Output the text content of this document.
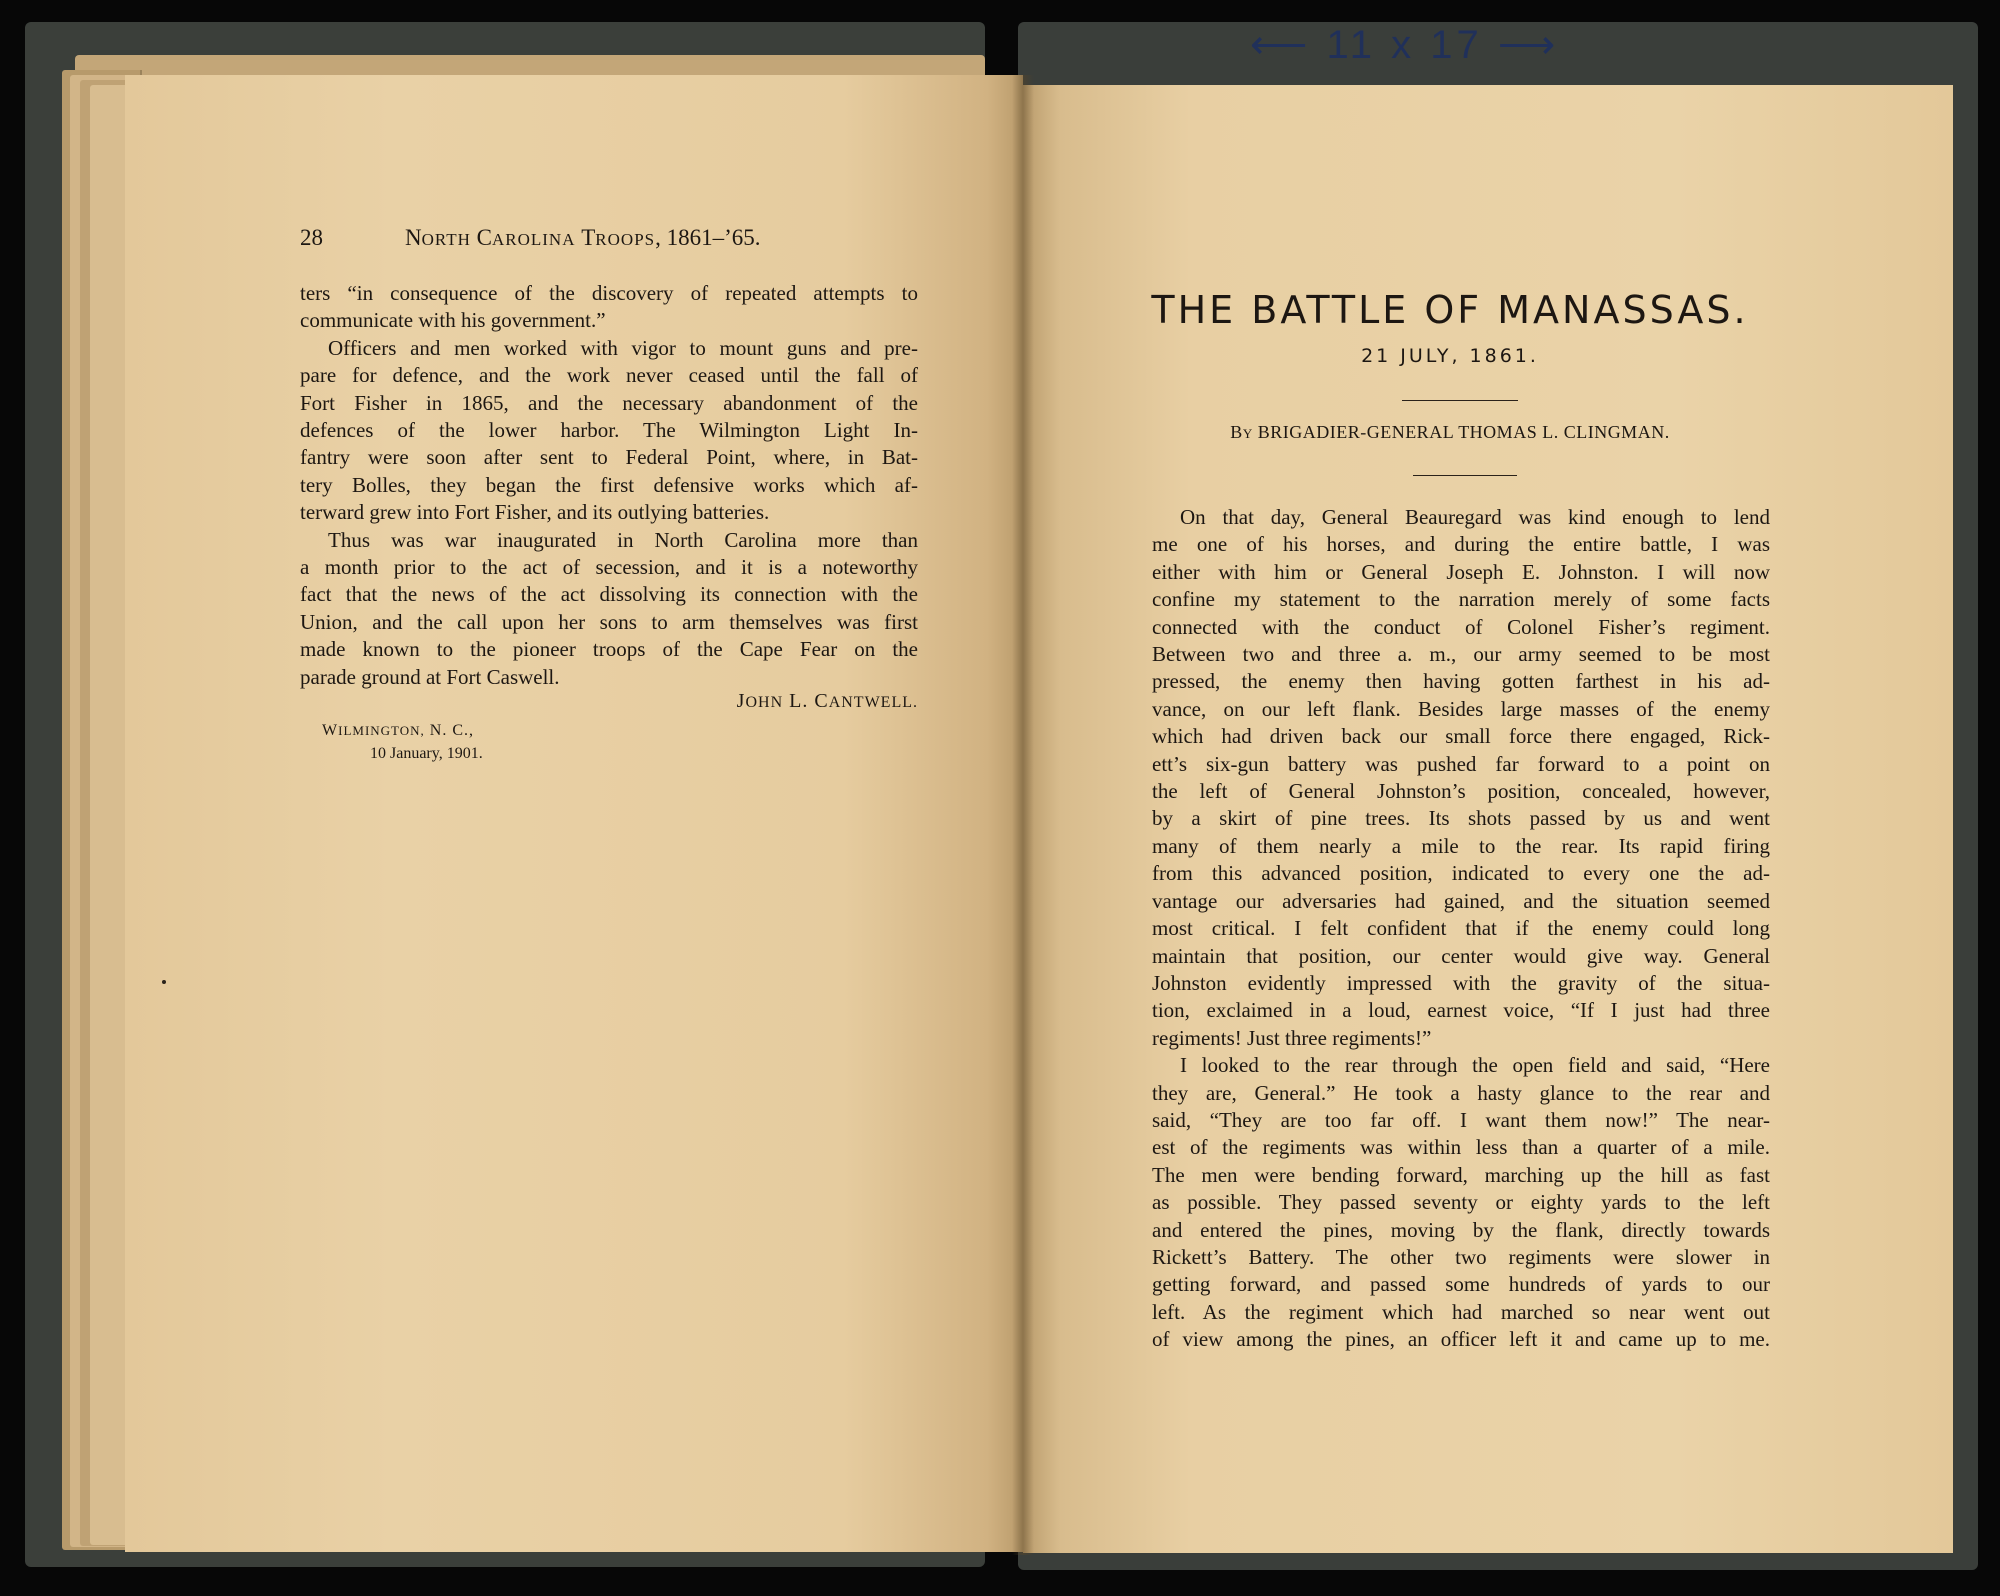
⟵ 11 x 17 ⟶
28	NORTH CAROLINA TROOPS, 1861–’65.
ters “in consequence of the discovery of repeated attempts to
communicate with his government.”
Officers and men worked with vigor to mount guns and pre-
pare for defence, and the work never ceased until the fall of
Fort Fisher in 1865, and the necessary abandonment of the
defences of the lower harbor. The Wilmington Light In-
fantry were soon after sent to Federal Point, where, in Bat-
tery Bolles, they began the first defensive works which af-
terward grew into Fort Fisher, and its outlying batteries.
Thus was war inaugurated in North Carolina more than
a month prior to the act of secession, and it is a noteworthy
fact that the news of the act dissolving its connection with the
Union, and the call upon her sons to arm themselves was first
made known to the pioneer troops of the Cape Fear on the
parade ground at Fort Caswell.
JOHN L. CANTWELL.
WILMINGTON, N. C.,
10 January, 1901.
THE BATTLE OF MANASSAS.
21 JULY, 1861.
BY BRIGADIER-GENERAL THOMAS L. CLINGMAN.
On that day, General Beauregard was kind enough to lend
me one of his horses, and during the entire battle, I was
either with him or General Joseph E. Johnston. I will now
confine my statement to the narration merely of some facts
connected with the conduct of Colonel Fisher’s regiment.
Between two and three a. m., our army seemed to be most
pressed, the enemy then having gotten farthest in his ad-
vance, on our left flank. Besides large masses of the enemy
which had driven back our small force there engaged, Rick-
ett’s six-gun battery was pushed far forward to a point on
the left of General Johnston’s position, concealed, however,
by a skirt of pine trees. Its shots passed by us and went
many of them nearly a mile to the rear. Its rapid firing
from this advanced position, indicated to every one the ad-
vantage our adversaries had gained, and the situation seemed
most critical. I felt confident that if the enemy could long
maintain that position, our center would give way. General
Johnston evidently impressed with the gravity of the situa-
tion, exclaimed in a loud, earnest voice, “If I just had three
regiments! Just three regiments!”
I looked to the rear through the open field and said, “Here
they are, General.” He took a hasty glance to the rear and
said, “They are too far off. I want them now!” The near-
est of the regiments was within less than a quarter of a mile.
The men were bending forward, marching up the hill as fast
as possible. They passed seventy or eighty yards to the left
and entered the pines, moving by the flank, directly towards
Rickett’s Battery. The other two regiments were slower in
getting forward, and passed some hundreds of yards to our
left. As the regiment which had marched so near went out
of view among the pines, an officer left it and came up to me.
